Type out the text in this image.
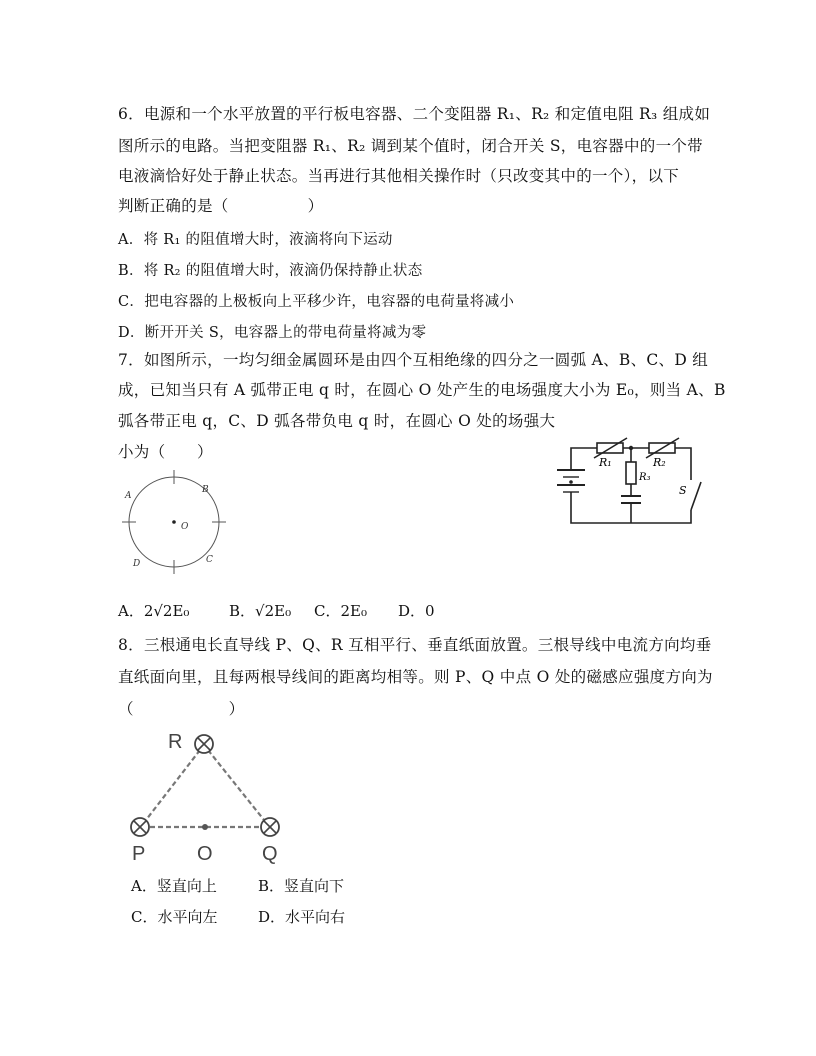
6．电源和一个水平放置的平行板电容器、二个变阻器 R₁、R₂ 和定值电阻 R₃ 组成如
图所示的电路。当把变阻器 R₁、R₂ 调到某个值时，闭合开关 S，电容器中的一个带
电液滴恰好处于静止状态。当再进行其他相关操作时（只改变其中的一个），以下
判断正确的是（　　　　　）
A．将 R₁ 的阻值增大时，液滴将向下运动
B．将 R₂ 的阻值增大时，液滴仍保持静止状态
C．把电容器的上极板向上平移少许，电容器的电荷量将减小
D．断开开关 S，电容器上的带电荷量将减为零
7．如图所示，一均匀细金属圆环是由四个互相绝缘的四分之一圆弧 A、B、C、D 组
成，已知当只有 A 弧带正电 q 时，在圆心 O 处产生的电场强度大小为 E₀，则当 A、B
弧各带正电 q，C、D 弧各带负电 q 时，在圆心 O 处的场强大
小为（　　）
R₁	R₂
R₃
S
A
B
C
D
O
A．2√2E₀	B．√2E₀ C．2E₀ D．0
8．三根通电长直导线 P、Q、R 互相平行、垂直纸面放置。三根导线中电流方向均垂
直纸面向里，且每两根导线间的距离均相等。则 P、Q 中点 O 处的磁感应强度方向为
（　　　　　　）
R
P	O Q
A．竖直向上	B．竖直向下
C．水平向左	D．水平向右
